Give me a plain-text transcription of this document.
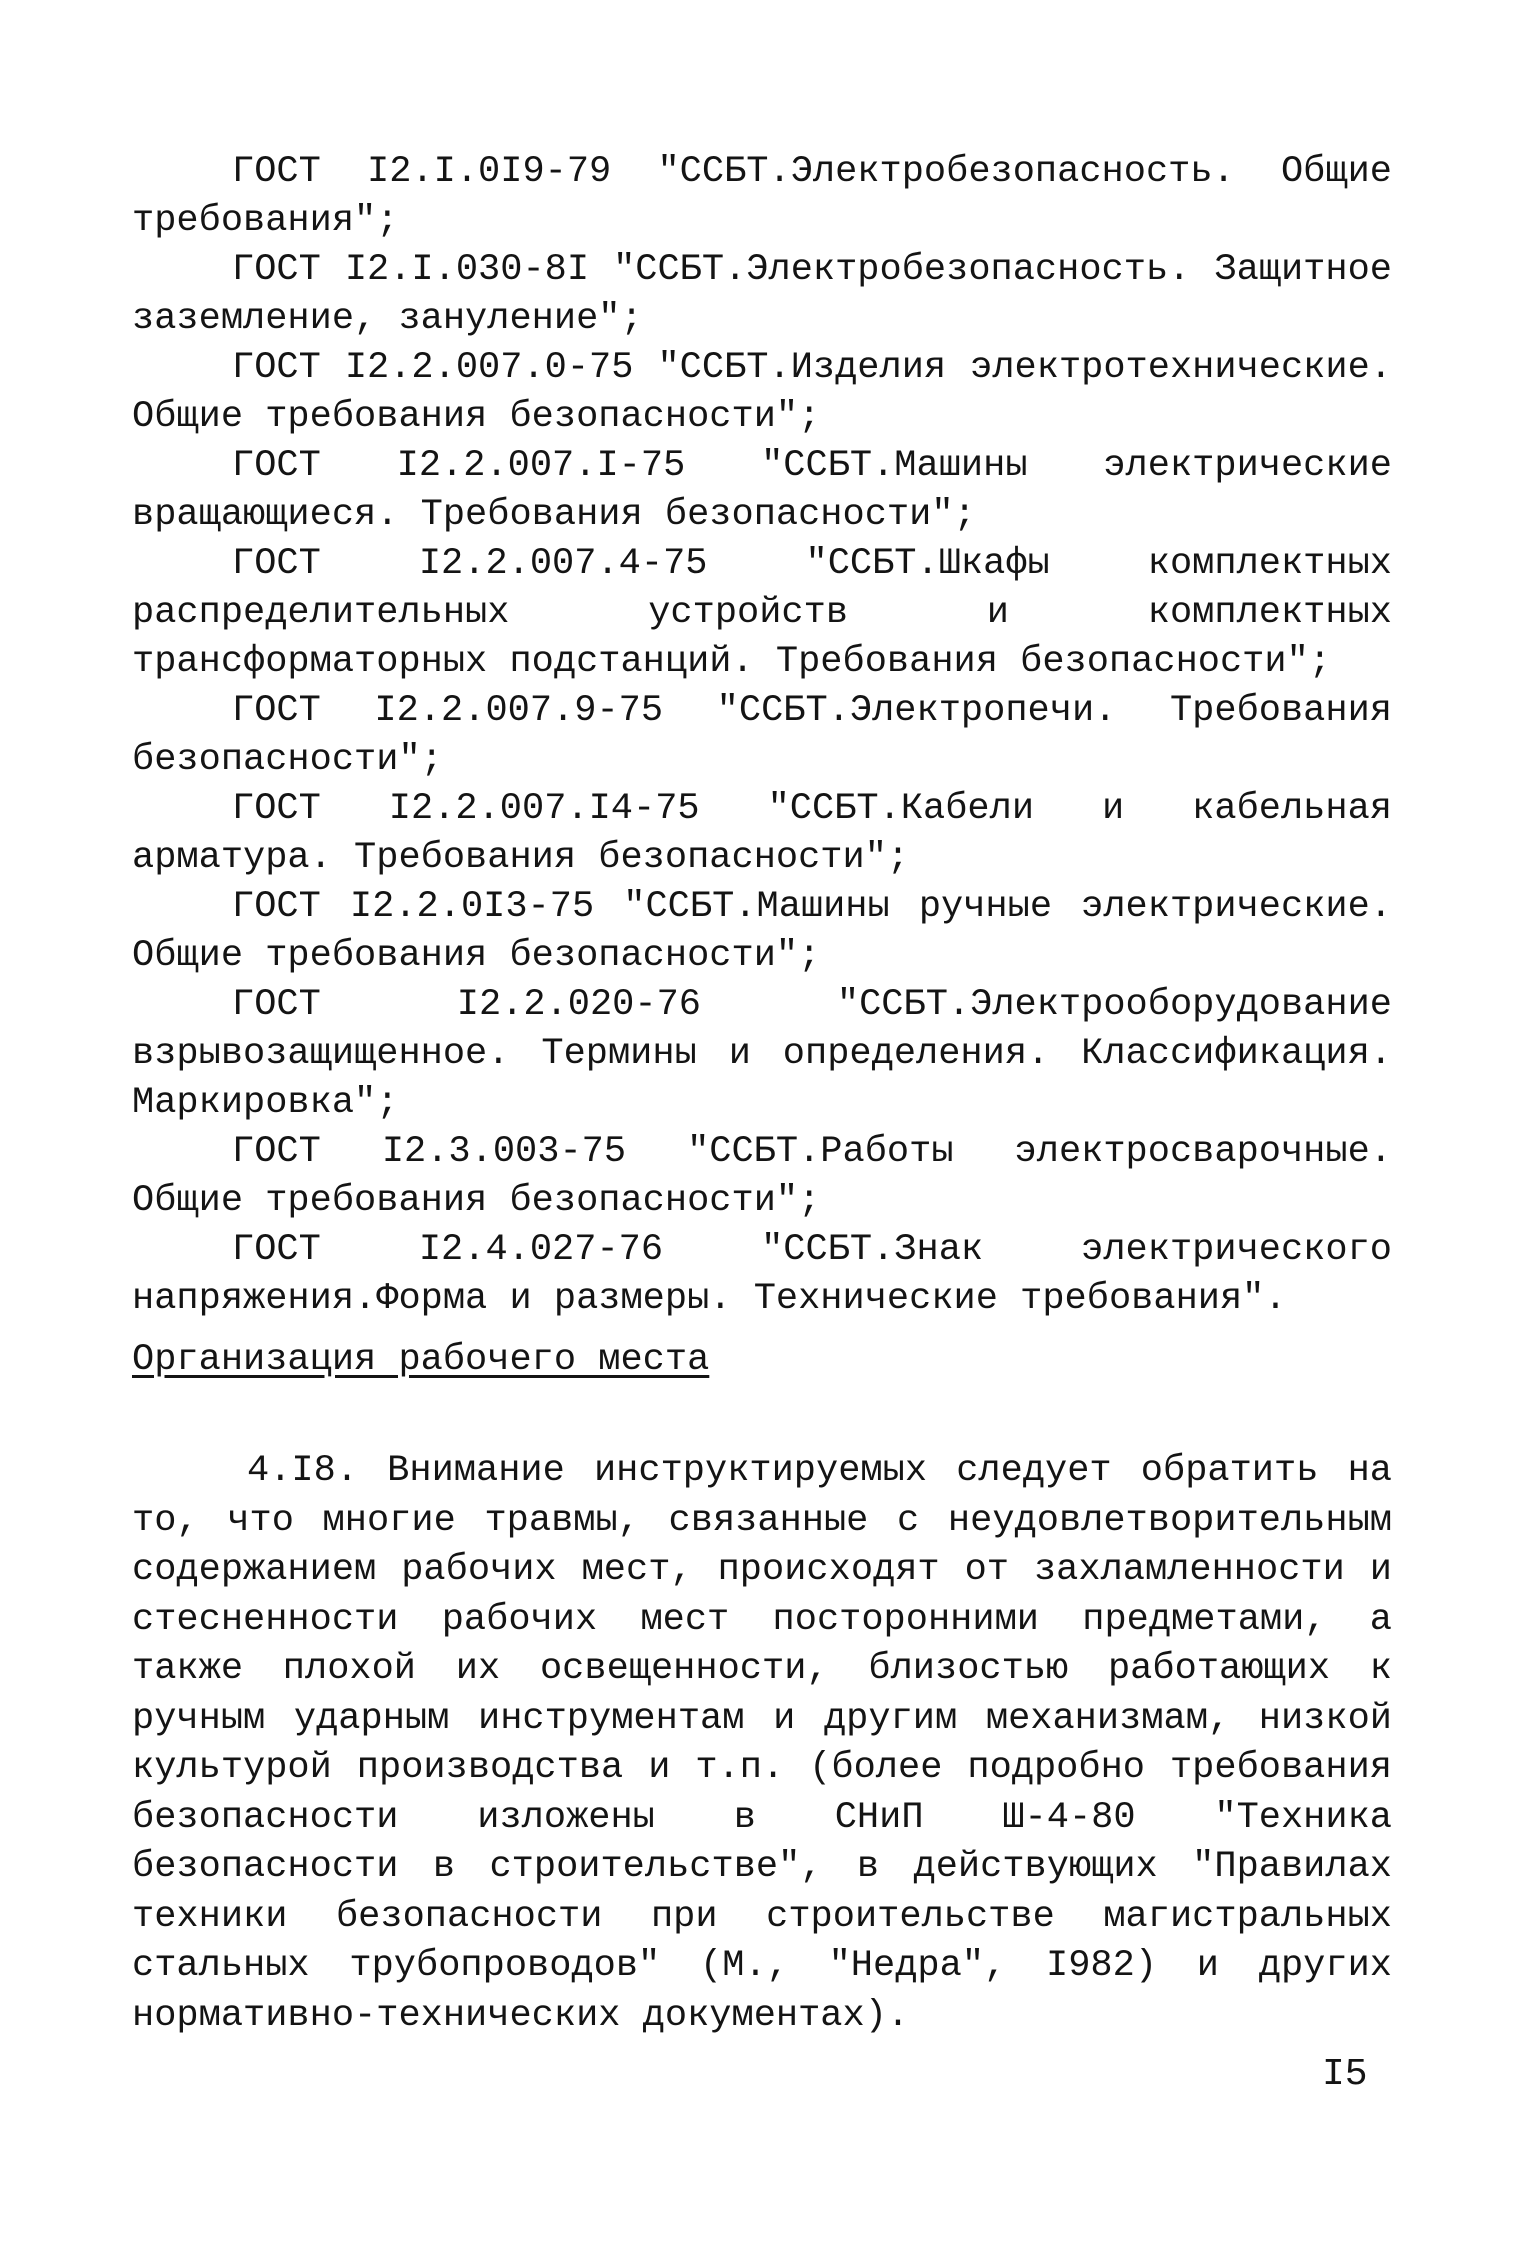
ГОСТ I2.I.0I9-79 "ССБТ.Электробезопасность. Общие требования";

ГОСТ I2.I.030-8I "ССБТ.Электробезопасность. Защитное заземление, зануление";

ГОСТ I2.2.007.0-75 "ССБТ.Изделия электротехнические. Общие требования безопасности";

ГОСТ I2.2.007.I-75 "ССБТ.Машины электрические вращающиеся. Требования безопасности";

ГОСТ I2.2.007.4-75 "ССБТ.Шкафы комплектных распределительных устройств и комплектных трансформаторных подстанций. Требования безопасности";

ГОСТ I2.2.007.9-75 "ССБТ.Электропечи. Требования безопасности";

ГОСТ I2.2.007.I4-75 "ССБТ.Кабели и кабельная арматура. Требования безопасности";

ГОСТ I2.2.0I3-75 "ССБТ.Машины ручные электрические. Общие требования безопасности";

ГОСТ I2.2.020-76 "ССБТ.Электрооборудование взрывозащищенное. Термины и определения. Классификация. Маркировка";

ГОСТ I2.3.003-75 "ССБТ.Работы электросварочные. Общие требования безопасности";

ГОСТ I2.4.027-76 "ССБТ.Знак электрического напряжения.Форма и размеры. Технические требования".

Организация рабочего места

4.I8. Внимание инструктируемых следует обратить на то, что многие травмы, связанные с неудовлетворительным содержанием рабочих мест, происходят от захламленности и стесненности рабочих мест посторонними предметами, а также плохой их освещенности, близостью работающих к ручным ударным инструментам и другим механизмам, низкой культурой производства и т.п. (более подробно требования безопасности изложены в СНиП Ш-4-80 "Техника безопасности в строительстве", в действующих "Правилах техники безопасности при строительстве магистральных стальных трубопроводов" (М., "Недра", I982) и других нормативно-технических документах).

I5
